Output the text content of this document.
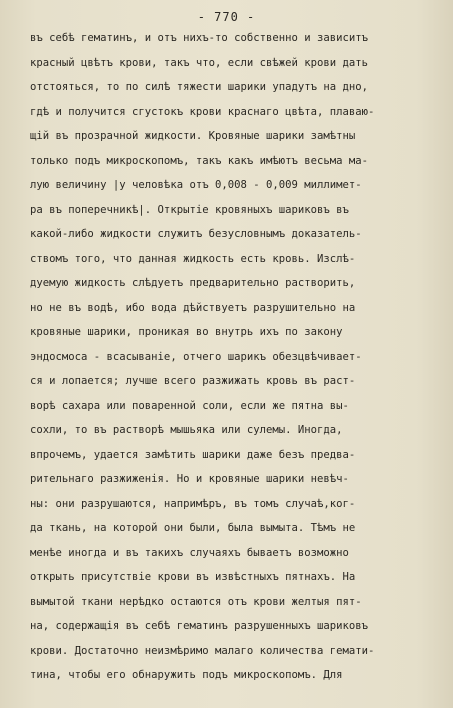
- 770 -
въ себѣ гематинъ, и отъ нихъ-то собственно и зависитъ
красный цвѣтъ крови, такъ что, если свѣжей крови дать
отстояться, то по силѣ тяжести шарики упадутъ на дно,
гдѣ и получится сгустокъ крови краснаго цвѣта, плаваю-
щій въ прозрачной жидкости. Кровяные шарики замѣтны
только подъ микроскопомъ, такъ какъ имѣютъ весьма ма-
лую величину |у человѣка отъ 0,008 - 0,009 миллимет-
ра въ поперечникѣ|. Открытіе кровяныхъ шариковъ въ
какой-либо жидкости служитъ безусловнымъ доказатель-
ствомъ того, что данная жидкость есть кровь. Изслѣ-
дуемую жидкость слѣдуетъ предварительно растворить,
но не въ водѣ, ибо вода дѣйствуетъ разрушительно на
кровяные шарики, проникая во внутрь ихъ по закону
эндосмоса - всасываніе, отчего шарикъ обезцвѣчивает-
ся и лопается; лучше всего разжижать кровь въ раст-
ворѣ сахара или поваренной соли, если же пятна вы-
сохли, то въ растворѣ мышьяка или сулемы. Иногда,
впрочемъ, удается замѣтить шарики даже безъ предва-
рительнаго разжиженія. Но и кровяные шарики невѣч-
ны: они разрушаются, напримѣръ, въ томъ случаѣ,ког-
да ткань, на которой они были, была вымыта. Тѣмъ не
менѣе иногда и въ такихъ случаяхъ бываетъ возможно
открыть присутствіе крови въ извѣстныхъ пятнахъ. На
вымытой ткани нерѣдко остаются отъ крови желтыя пят-
на, содержащія въ себѣ гематинъ разрушенныхъ шариковъ
крови. Достаточно неизмѣримо малаго количества гемати-
тина, чтобы его обнаружить подъ микроскопомъ. Для
